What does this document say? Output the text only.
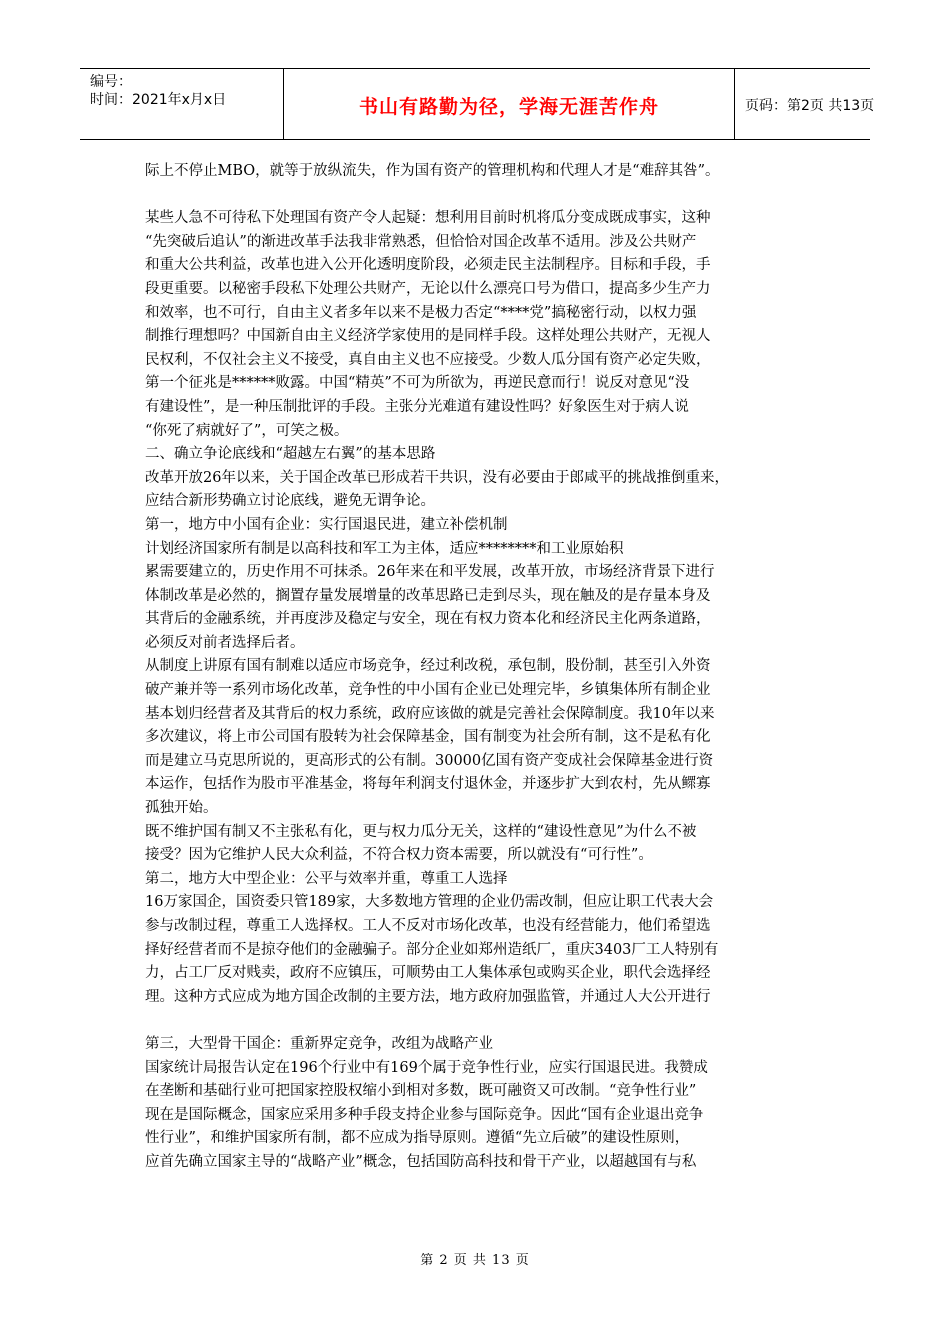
编号：
时间：2021年x月x日	书山有路勤为径，学海无涯苦作舟	页码：第2页 共13页
际上不停止MBO，就等于放纵流失，作为国有资产的管理机构和代理人才是“难辞其咎”。
某些人急不可待私下处理国有资产令人起疑：想利用目前时机将瓜分变成既成事实，这种
“先突破后追认”的渐进改革手法我非常熟悉，但恰恰对国企改革不适用。涉及公共财产
和重大公共利益，改革也进入公开化透明度阶段，必须走民主法制程序。目标和手段，手
段更重要。以秘密手段私下处理公共财产，无论以什么漂亮口号为借口，提高多少生产力
和效率，也不可行，自由主义者多年以来不是极力否定“****党”搞秘密行动，以权力强
制推行理想吗？中国新自由主义经济学家使用的是同样手段。这样处理公共财产，无视人
民权利，不仅社会主义不接受，真自由主义也不应接受。少数人瓜分国有资产必定失败，
第一个征兆是******败露。中国“精英”不可为所欲为，再逆民意而行！说反对意见“没
有建设性”，是一种压制批评的手段。主张分光难道有建设性吗？好象医生对于病人说
“你死了病就好了”，可笑之极。
二、确立争论底线和“超越左右翼”的基本思路
改革开放26年以来，关于国企改革已形成若干共识，没有必要由于郎咸平的挑战推倒重来，
应结合新形势确立讨论底线，避免无谓争论。
第一，地方中小国有企业：实行国退民进，建立补偿机制
计划经济国家所有制是以高科技和军工为主体，适应********和工业原始积
累需要建立的，历史作用不可抹杀。26年来在和平发展，改革开放，市场经济背景下进行
体制改革是必然的，搁置存量发展增量的改革思路已走到尽头，现在触及的是存量本身及
其背后的金融系统，并再度涉及稳定与安全，现在有权力资本化和经济民主化两条道路，
必须反对前者选择后者。
从制度上讲原有国有制难以适应市场竞争，经过利改税，承包制，股份制，甚至引入外资
破产兼并等一系列市场化改革，竞争性的中小国有企业已处理完毕，乡镇集体所有制企业
基本划归经营者及其背后的权力系统，政府应该做的就是完善社会保障制度。我10年以来
多次建议，将上市公司国有股转为社会保障基金，国有制变为社会所有制，这不是私有化
而是建立马克思所说的，更高形式的公有制。30000亿国有资产变成社会保障基金进行资
本运作，包括作为股市平准基金，将每年利润支付退休金，并逐步扩大到农村，先从鳏寡
孤独开始。
既不维护国有制又不主张私有化，更与权力瓜分无关，这样的“建设性意见”为什么不被
接受？因为它维护人民大众利益，不符合权力资本需要，所以就没有“可行性”。
第二，地方大中型企业：公平与效率并重，尊重工人选择
16万家国企，国资委只管189家，大多数地方管理的企业仍需改制，但应让职工代表大会
参与改制过程，尊重工人选择权。工人不反对市场化改革，也没有经营能力，他们希望选
择好经营者而不是掠夺他们的金融骗子。部分企业如郑州造纸厂，重庆3403厂工人特别有
力，占工厂反对贱卖，政府不应镇压，可顺势由工人集体承包或购买企业，职代会选择经
理。这种方式应成为地方国企改制的主要方法，地方政府加强监管，并通过人大公开进行
第三，大型骨干国企：重新界定竞争，改组为战略产业
国家统计局报告认定在196个行业中有169个属于竞争性行业，应实行国退民进。我赞成
在垄断和基础行业可把国家控股权缩小到相对多数，既可融资又可改制。“竞争性行业”
现在是国际概念，国家应采用多种手段支持企业参与国际竞争。因此“国有企业退出竞争
性行业”，和维护国家所有制，都不应成为指导原则。遵循“先立后破”的建设性原则，
应首先确立国家主导的“战略产业”概念，包括国防高科技和骨干产业，以超越国有与私
第 2 页 共 13 页
